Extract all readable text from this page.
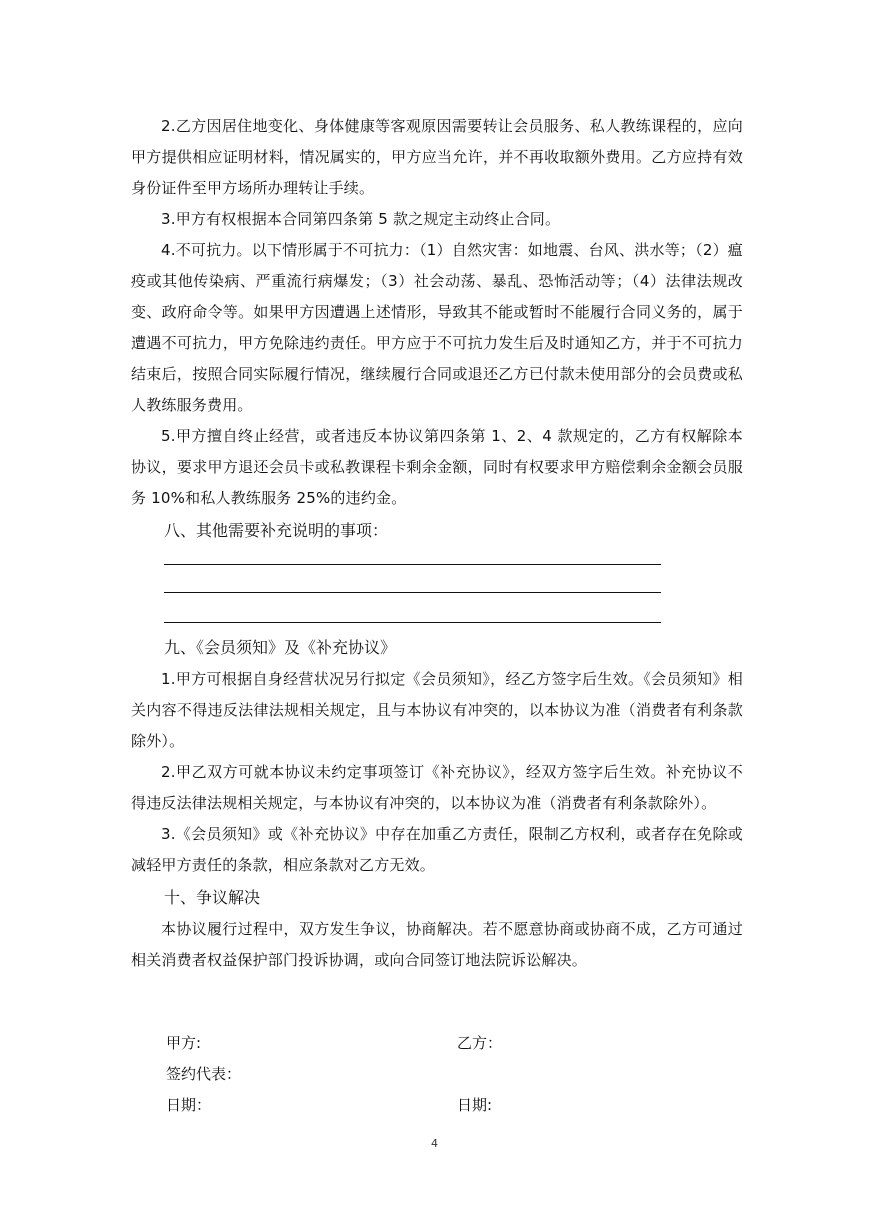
2.乙方因居住地变化、身体健康等客观原因需要转让会员服务、私人教练课程的，应向甲方提供相应证明材料，情况属实的，甲方应当允许，并不再收取额外费用。乙方应持有效身份证件至甲方场所办理转让手续。

3.甲方有权根据本合同第四条第 5 款之规定主动终止合同。

4.不可抗力。以下情形属于不可抗力：（1）自然灾害：如地震、台风、洪水等；（2）瘟疫或其他传染病、严重流行病爆发；（3）社会动荡、暴乱、恐怖活动等；（4）法律法规改变、政府命令等。如果甲方因遭遇上述情形，导致其不能或暂时不能履行合同义务的，属于遭遇不可抗力，甲方免除违约责任。甲方应于不可抗力发生后及时通知乙方，并于不可抗力结束后，按照合同实际履行情况，继续履行合同或退还乙方已付款未使用部分的会员费或私人教练服务费用。

5.甲方擅自终止经营，或者违反本协议第四条第 1、2、4 款规定的，乙方有权解除本协议，要求甲方退还会员卡或私教课程卡剩余金额，同时有权要求甲方赔偿剩余金额会员服务 10%和私人教练服务 25%的违约金。

八、其他需要补充说明的事项：

九、《会员须知》及《补充协议》

1.甲方可根据自身经营状况另行拟定《会员须知》，经乙方签字后生效。《会员须知》相关内容不得违反法律法规相关规定，且与本协议有冲突的，以本协议为准（消费者有利条款除外）。

2.甲乙双方可就本协议未约定事项签订《补充协议》，经双方签字后生效。补充协议不得违反法律法规相关规定，与本协议有冲突的，以本协议为准（消费者有利条款除外）。

3.《会员须知》或《补充协议》中存在加重乙方责任，限制乙方权利，或者存在免除或减轻甲方责任的条款，相应条款对乙方无效。

十、争议解决

本协议履行过程中，双方发生争议，协商解决。若不愿意协商或协商不成，乙方可通过相关消费者权益保护部门投诉协调，或向合同签订地法院诉讼解决。

甲方:	乙方：
签约代表：
日期：	日期:
4
